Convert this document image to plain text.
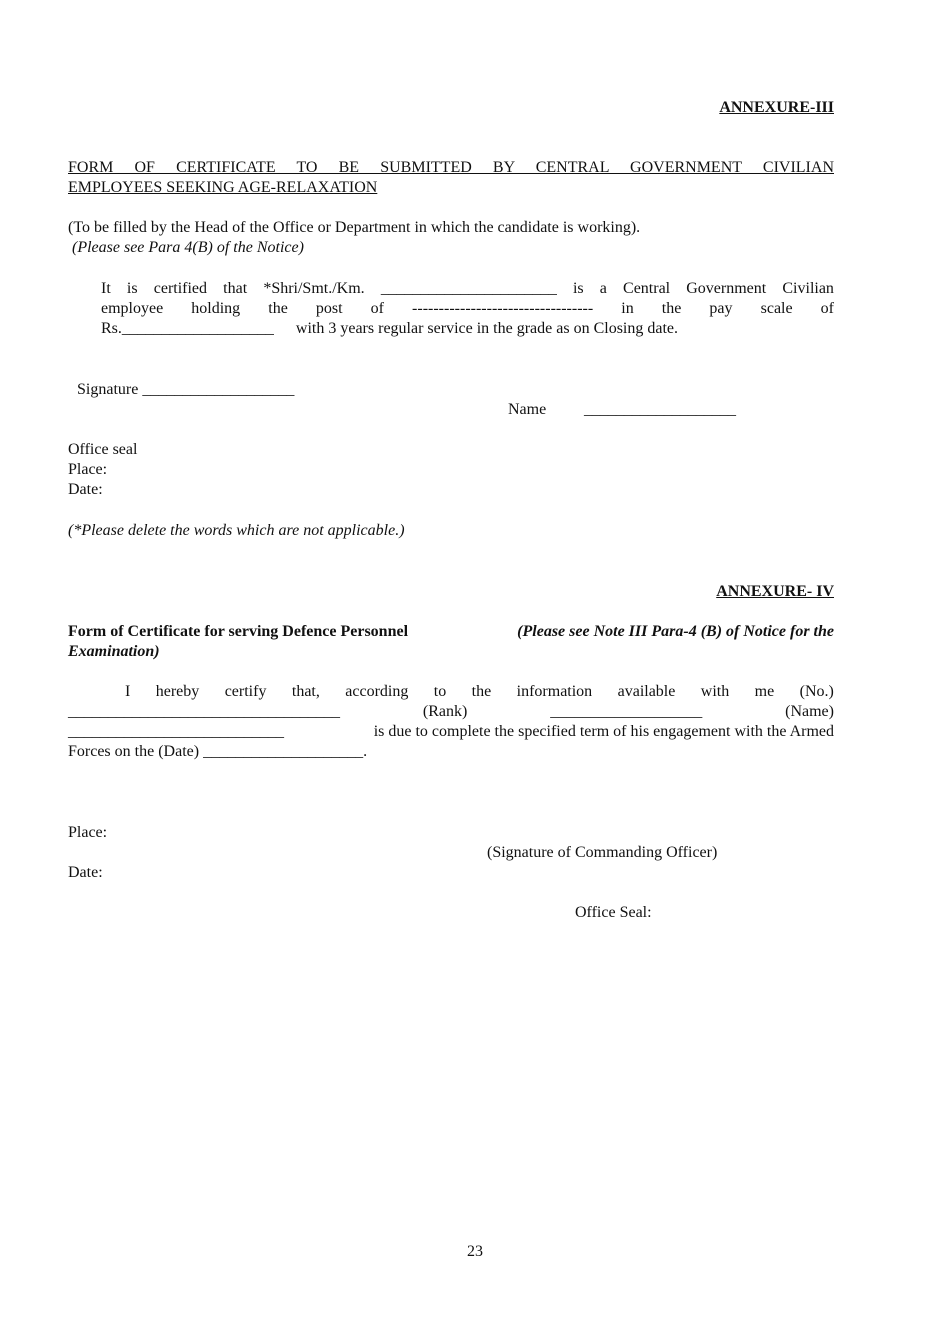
ANNEXURE-III
FORM OF CERTIFICATE TO BE SUBMITTED BY CENTRAL GOVERNMENT CIVILIAN
EMPLOYEES SEEKING AGE-RELAXATION
(To be filled by the Head of the Office or Department in which the candidate is working).
(Please see Para 4(B) of the Notice)
It is certified that *Shri/Smt./Km. ______________________ is a Central Government Civilian
employee holding the post of ---------------------------------- in the pay scale of
Rs.___________________ with 3 years regular service in the grade as on Closing date.
Signature ___________________
Name ___________________
Office seal
Place:
Date:
(*Please delete the words which are not applicable.)
ANNEXURE- IV
Form of Certificate for serving Defence Personnel	(Please see Note III Para-4 (B) of Notice for the
Examination)
I hereby certify that, according to the information available with me (No.)
__________________________________	(Rank)	___________________	(Name)
___________________________	is due to complete the specified term of his engagement with the Armed
Forces on the (Date) ____________________.
Place:
(Signature of Commanding Officer)
Date:
Office Seal:
23
